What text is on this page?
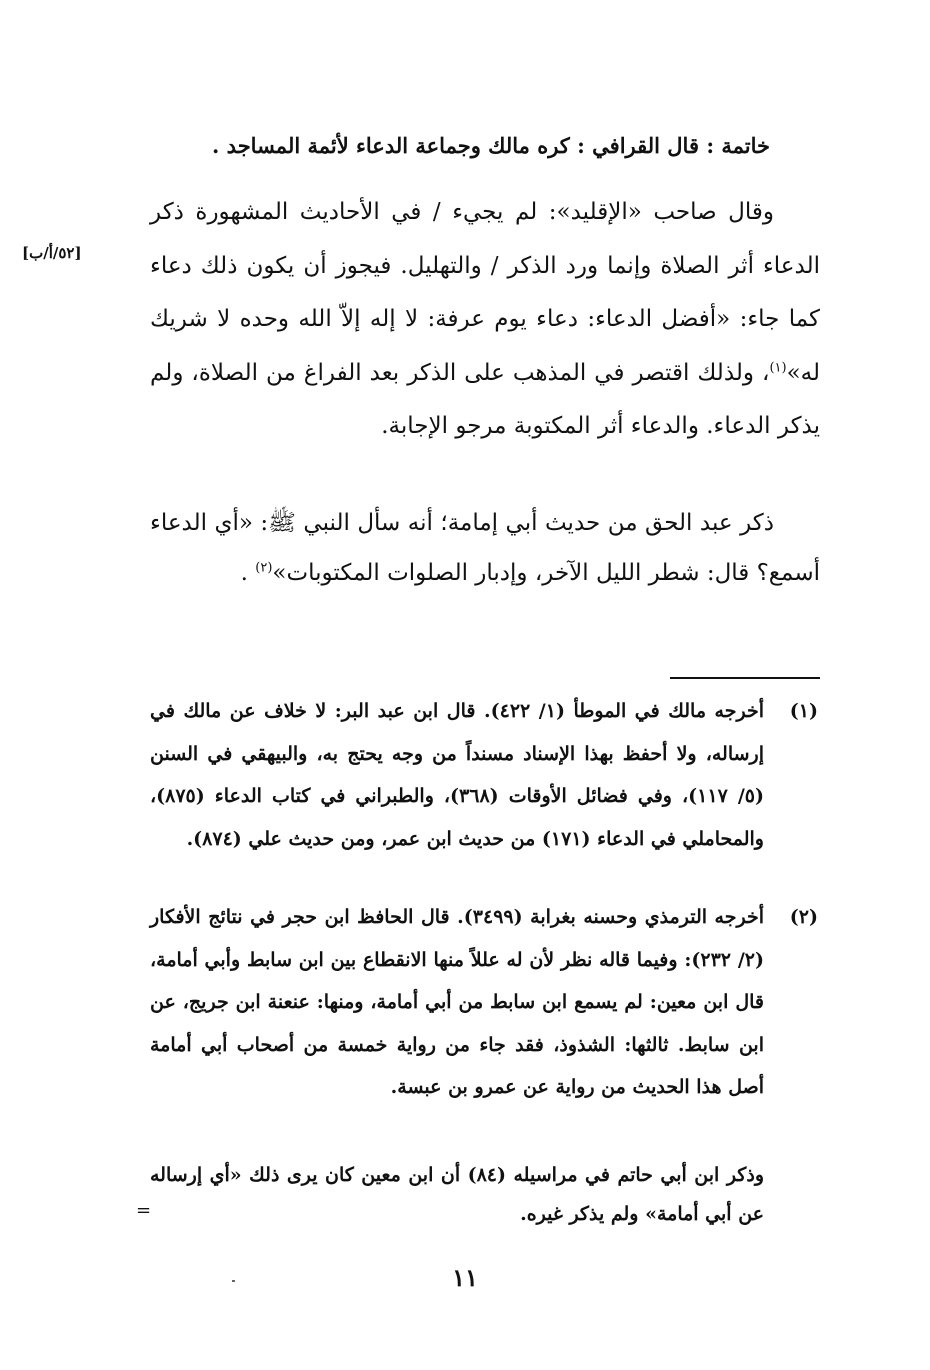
خاتمة : قال القرافي : كره مالك وجماعة الدعاء لأئمة المساجد .
[٥٢/أ/ب]
وقال صاحب «الإقليد»: لم يجيء / في الأحاديث المشهورة ذكر الدعاء أثر الصلاة وإنما ورد الذكر / والتهليل. فيجوز أن يكون ذلك دعاء كما جاء: «أفضل الدعاء: دعاء يوم عرفة: لا إله إلاّ الله وحده لا شريك له»$^{(١)}$، ولذلك اقتصر في المذهب على الذكر بعد الفراغ من الصلاة، ولم يذكر الدعاء. والدعاء أثر المكتوبة مرجو الإجابة.
ذكر عبد الحق من حديث أبي إمامة؛ أنه سأل النبي ﷺ: «أي الدعاء أسمع؟ قال: شطر الليل الآخر، وإدبار الصلوات المكتوبات»$^{(٢)}$ .
(١)
أخرجه مالك في الموطأ (١/ ٤٢٢). قال ابن عبد البر: لا خلاف عن مالك في إرساله، ولا أحفظ بهذا الإسناد مسنداً من وجه يحتج به، والبيهقي في السنن (٥/ ١١٧)، وفي فضائل الأوقات (٣٦٨)، والطبراني في كتاب الدعاء (٨٧٥)، والمحاملي في الدعاء (١٧١) من حديث ابن عمر، ومن حديث علي (٨٧٤).
(٢)
أخرجه الترمذي وحسنه بغرابة (٣٤٩٩). قال الحافظ ابن حجر في نتائج الأفكار (٢/ ٢٣٢): وفيما قاله نظر لأن له عللاً منها الانقطاع بين ابن سابط وأبي أمامة، قال ابن معين: لم يسمع ابن سابط من أبي أمامة، ومنها: عنعنة ابن جريج، عن ابن سابط. ثالثها: الشذوذ، فقد جاء من رواية خمسة من أصحاب أبي أمامة أصل هذا الحديث من رواية عن عمرو بن عبسة.
وذكر ابن أبي حاتم في مراسيله (٨٤) أن ابن معين كان يرى ذلك «أي إرساله عن أبي أمامة» ولم يذكر غيره.
=
١١
